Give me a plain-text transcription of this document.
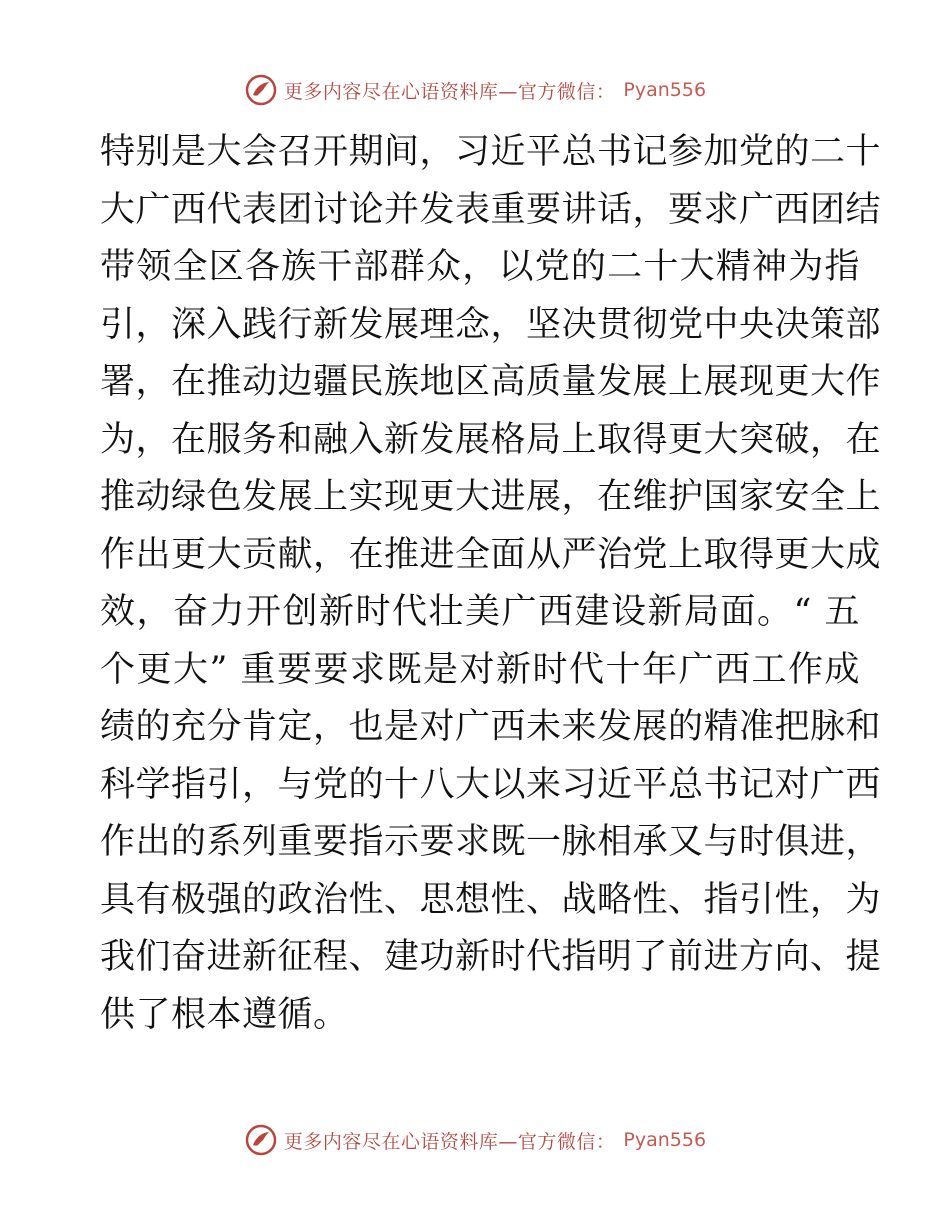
更多内容尽在心语资料库—官方微信： Pyan556
特别是大会召开期间，习近平总书记参加党的二十
大广西代表团讨论并发表重要讲话，要求广西团结
带领全区各族干部群众，以党的二十大精神为指
引，深入践行新发展理念，坚决贯彻党中央决策部
署，在推动边疆民族地区高质量发展上展现更大作
为，在服务和融入新发展格局上取得更大突破，在
推动绿色发展上实现更大进展，在维护国家安全上
作出更大贡献，在推进全面从严治党上取得更大成
效，奋力开创新时代壮美广西建设新局面。“ 五
个更大” 重要要求既是对新时代十年广西工作成
绩的充分肯定，也是对广西未来发展的精准把脉和
科学指引，与党的十八大以来习近平总书记对广西
作出的系列重要指示要求既一脉相承又与时俱进，
具有极强的政治性、思想性、战略性、指引性，为
我们奋进新征程、建功新时代指明了前进方向、提
供了根本遵循。
更多内容尽在心语资料库—官方微信： Pyan556
